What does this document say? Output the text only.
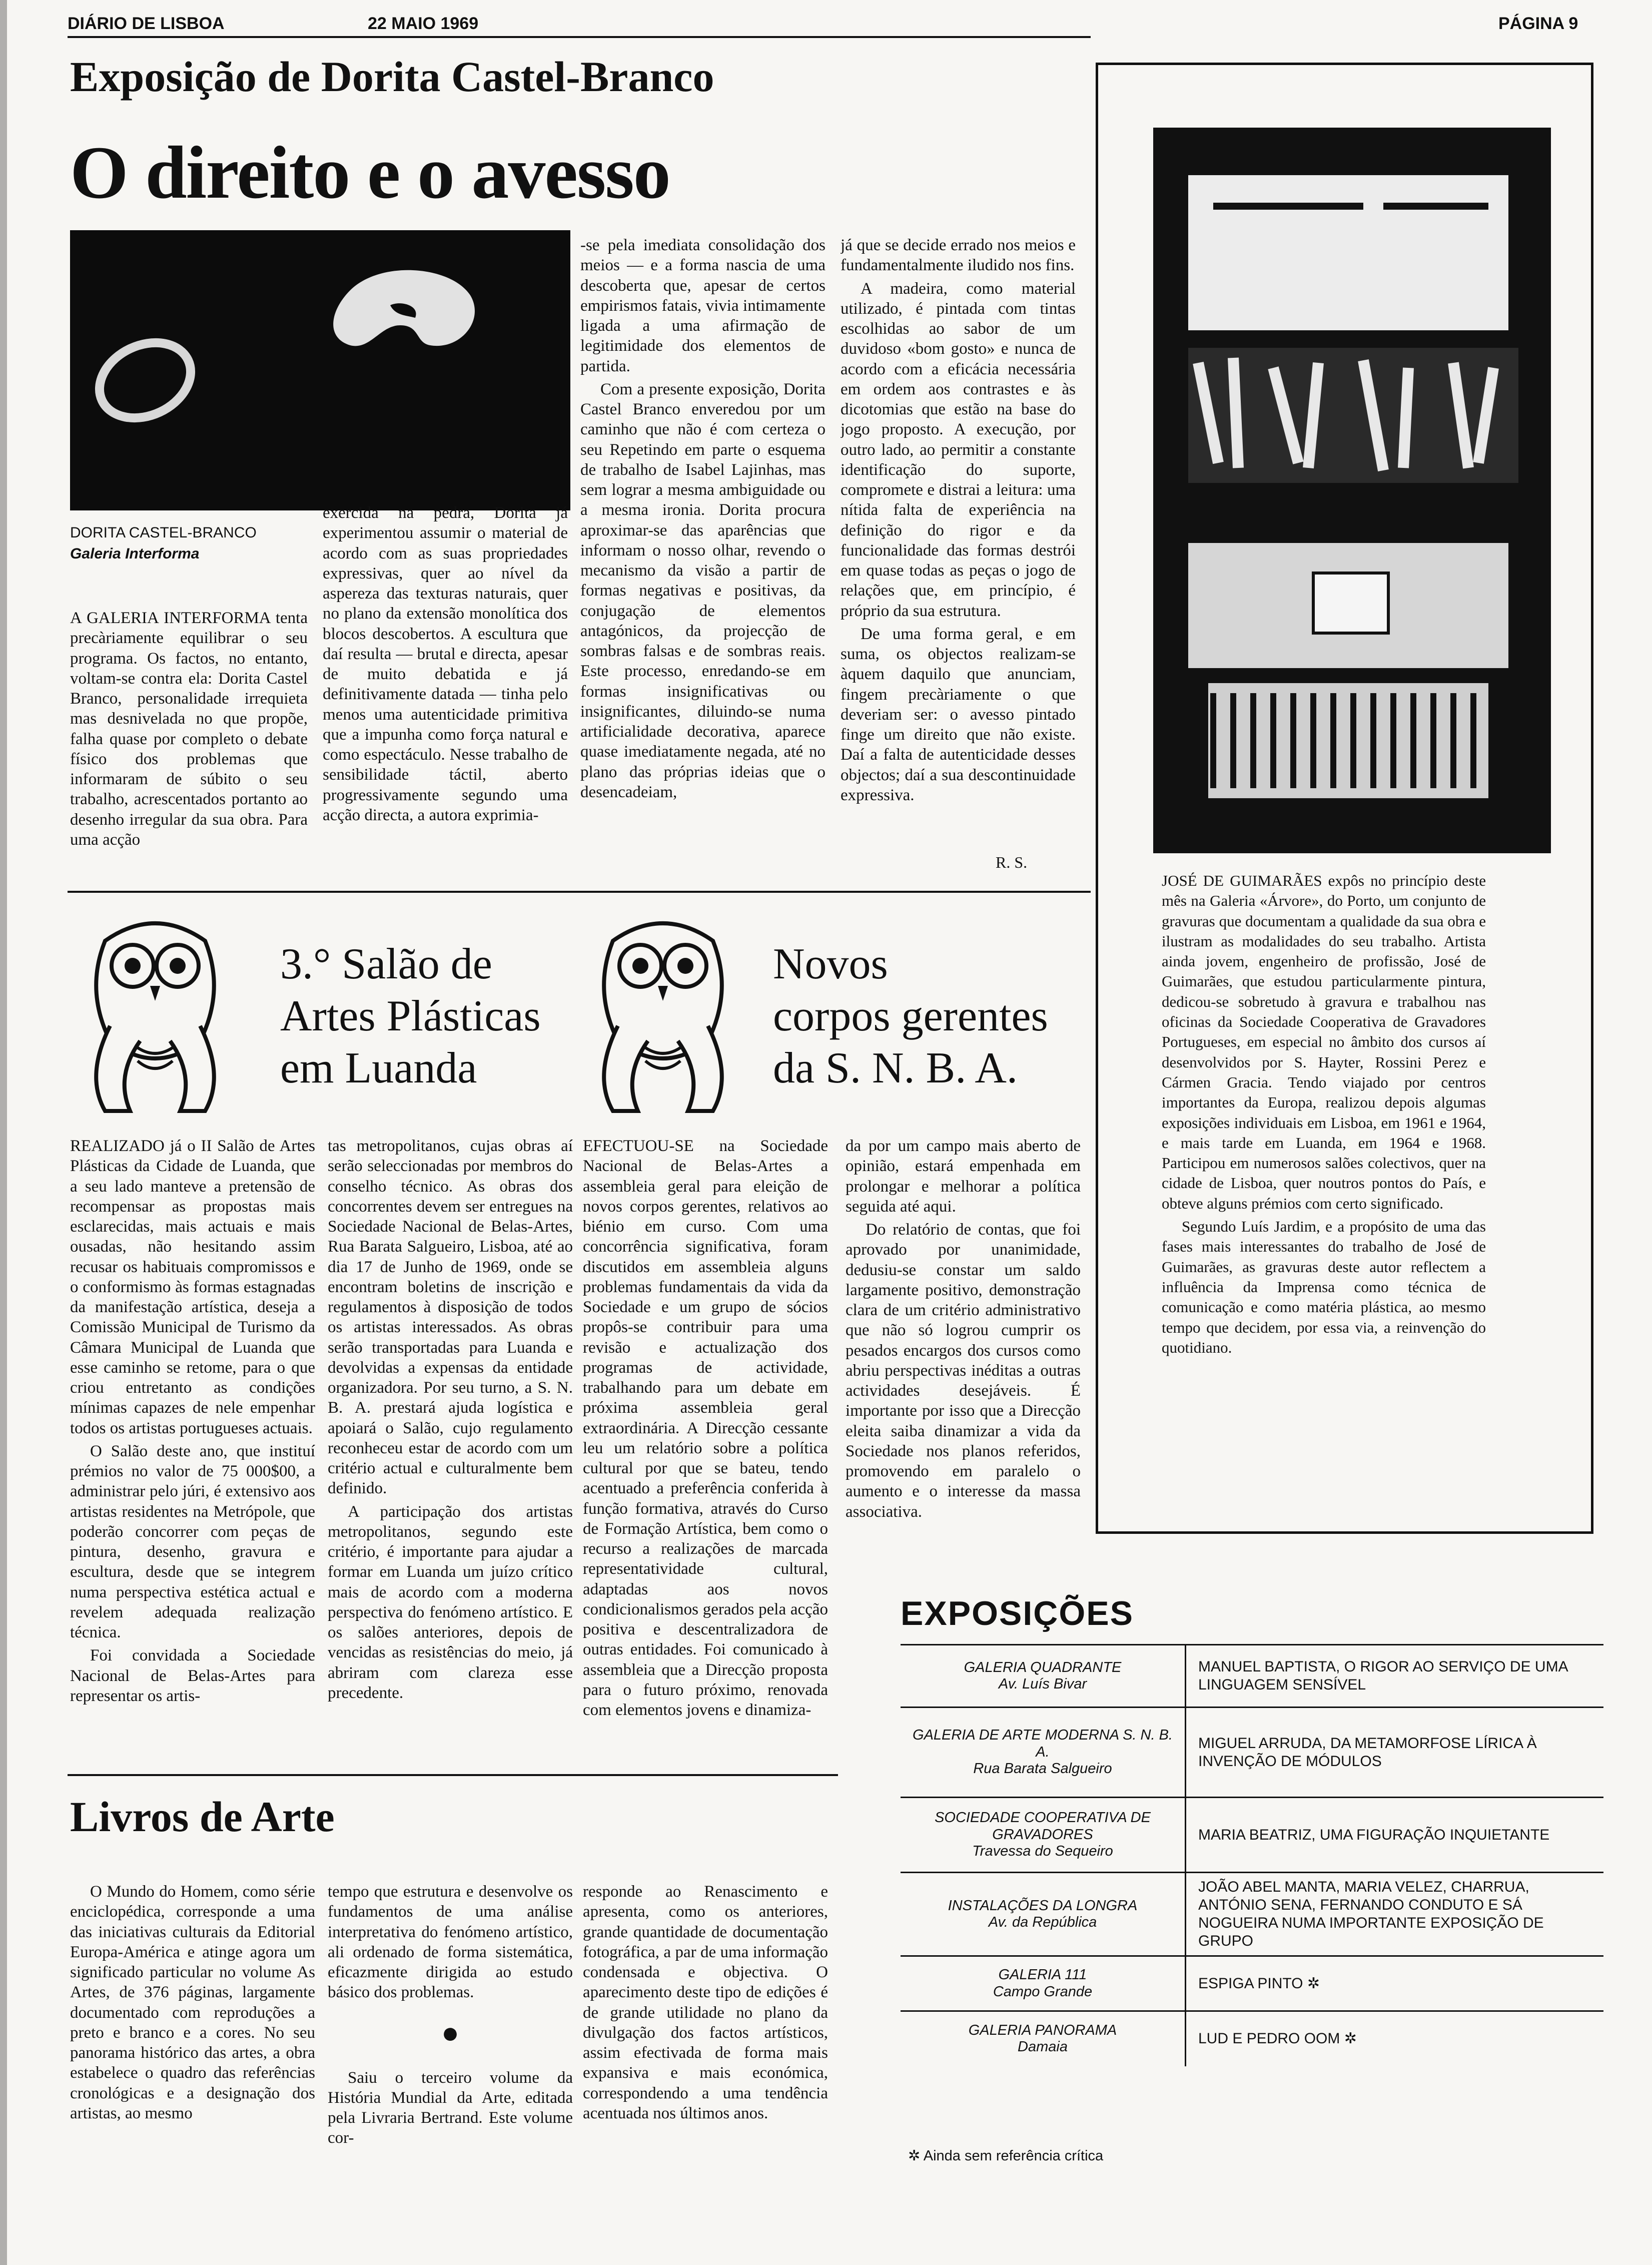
DIÁRIO DE LISBOA	22 MAIO 1969	PÁGINA 9
Exposição de Dorita Castel-Branco
O direito e o avesso
DORITA CASTEL-BRANCO
Galeria Interforma

A GALERIA INTERFORMA tenta precàriamente equilibrar o seu programa. Os factos, no entanto, voltam-se contra ela: Dorita Castel Branco, personalidade irrequieta mas desnivelada no que propõe, falha quase por completo o debate físico dos problemas que informaram de súbito o seu trabalho, acrescentados portanto ao desenho irregular da sua obra. Para uma acção

exercida na pedra, Dorita já experimentou assumir o material de acordo com as suas propriedades expressivas, quer ao nível da aspereza das texturas naturais, quer no plano da extensão monolítica dos blocos descobertos. A escultura que daí resulta — brutal e directa, apesar de muito debatida e já definitivamente datada — tinha pelo menos uma autenticidade primitiva que a impunha como força natural e como espectáculo. Nesse trabalho de sensibilidade táctil, aberto progressivamente segundo uma acção directa, a autora exprimia-

-se pela imediata consolidação dos meios — e a forma nascia de uma descoberta que, apesar de certos empirismos fatais, vivia intimamente ligada a uma afirmação de legitimidade dos elementos de partida.

Com a presente exposição, Dorita Castel Branco enveredou por um caminho que não é com certeza o seu Repetindo em parte o esquema de trabalho de Isabel Lajinhas, mas sem lograr a mesma ambiguidade ou a mesma ironia. Dorita procura aproximar-se das aparências que informam o nosso olhar, revendo o mecanismo da visão a partir de formas negativas e positivas, da conjugação de elementos antagónicos, da projecção de sombras falsas e de sombras reais. Este processo, enredando-se em formas insignificativas ou insignificantes, diluindo-se numa artificialidade decorativa, aparece quase imediatamente negada, até no plano das próprias ideias que o desencadeiam,

já que se decide errado nos meios e fundamentalmente iludido nos fins.

A madeira, como material utilizado, é pintada com tintas escolhidas ao sabor de um duvidoso «bom gosto» e nunca de acordo com a eficácia necessária em ordem aos contrastes e às dicotomias que estão na base do jogo proposto. A execução, por outro lado, ao permitir a constante identificação do suporte, compromete e distrai a leitura: uma nítida falta de experiência na definição do rigor e da funcionalidade das formas destrói em quase todas as peças o jogo de relações que, em princípio, é próprio da sua estrutura.

De uma forma geral, e em suma, os objectos realizam-se àquem daquilo que anunciam, fingem precàriamente o que deveriam ser: o avesso pintado finge um direito que não existe. Daí a falta de autenticidade desses objectos; daí a sua descontinuidade expressiva.

R. S.

JOSÉ DE GUIMARÃES expôs no princípio deste mês na Galeria «Árvore», do Porto, um conjunto de gravuras que documentam a qualidade da sua obra e ilustram as modalidades do seu trabalho. Artista ainda jovem, engenheiro de profissão, José de Guimarães, que estudou particularmente pintura, dedicou-se sobretudo à gravura e trabalhou nas oficinas da Sociedade Cooperativa de Gravadores Portugueses, em especial no âmbito dos cursos aí desenvolvidos por S. Hayter, Rossini Perez e Cármen Gracia. Tendo viajado por centros importantes da Europa, realizou depois algumas exposições individuais em Lisboa, em 1961 e 1964, e mais tarde em Luanda, em 1964 e 1968. Participou em numerosos salões colectivos, quer na cidade de Lisboa, quer noutros pontos do País, e obteve alguns prémios com certo significado.

Segundo Luís Jardim, e a propósito de uma das fases mais interessantes do trabalho de José de Guimarães, as gravuras deste autor reflectem a influência da Imprensa como técnica de comunicação e como matéria plástica, ao mesmo tempo que decidem, por essa via, a reinvenção do quotidiano.

3.° Salão de
Artes Plásticas
em Luanda

REALIZADO já o II Salão de Artes Plásticas da Cidade de Luanda, que a seu lado manteve a pretensão de recompensar as propostas mais esclarecidas, mais actuais e mais ousadas, não hesitando assim recusar os habituais compromissos e o conformismo às formas estagnadas da manifestação artística, deseja a Comissão Municipal de Turismo da Câmara Municipal de Luanda que esse caminho se retome, para o que criou entretanto as condições mínimas capazes de nele empenhar todos os artistas portugueses actuais.

O Salão deste ano, que instituí prémios no valor de 75 000$00, a administrar pelo júri, é extensivo aos artistas residentes na Metrópole, que poderão concorrer com peças de pintura, desenho, gravura e escultura, desde que se integrem numa perspectiva estética actual e revelem adequada realização técnica.

Foi convidada a Sociedade Nacional de Belas-Artes para representar os artis-

tas metropolitanos, cujas obras aí serão seleccionadas por membros do conselho técnico. As obras dos concorrentes devem ser entregues na Sociedade Nacional de Belas-Artes, Rua Barata Salgueiro, Lisboa, até ao dia 17 de Junho de 1969, onde se encontram boletins de inscrição e regulamentos à disposição de todos os artistas interessados. As obras serão transportadas para Luanda e devolvidas a expensas da entidade organizadora. Por seu turno, a S. N. B. A. prestará ajuda logística e apoiará o Salão, cujo regulamento reconheceu estar de acordo com um critério actual e culturalmente bem definido.

A participação dos artistas metropolitanos, segundo este critério, é importante para ajudar a formar em Luanda um juízo crítico mais de acordo com a moderna perspectiva do fenómeno artístico. E os salões anteriores, depois de vencidas as resistências do meio, já abriram com clareza esse precedente.

Novos
corpos gerentes
da S. N. B. A.

EFECTUOU-SE na Sociedade Nacional de Belas-Artes a assembleia geral para eleição de novos corpos gerentes, relativos ao biénio em curso. Com uma concorrência significativa, foram discutidos em assembleia alguns problemas fundamentais da vida da Sociedade e um grupo de sócios propôs-se contribuir para uma revisão e actualização dos programas de actividade, trabalhando para um debate em próxima assembleia geral extraordinária. A Direcção cessante leu um relatório sobre a política cultural por que se bateu, tendo acentuado a preferência conferida à função formativa, através do Curso de Formação Artística, bem como o recurso a realizações de marcada representatividade cultural, adaptadas aos novos condicionalismos gerados pela acção positiva e descentralizadora de outras entidades. Foi comunicado à assembleia que a Direcção proposta para o futuro próximo, renovada com elementos jovens e dinamiza-

da por um campo mais aberto de opinião, estará empenhada em prolongar e melhorar a política seguida até aqui.

Do relatório de contas, que foi aprovado por unanimidade, dedusiu-se constar um saldo largamente positivo, demonstração clara de um critério administrativo que não só logrou cumprir os pesados encargos dos cursos como abriu perspectivas inéditas a outras actividades desejáveis. É importante por isso que a Direcção eleita saiba dinamizar a vida da Sociedade nos planos referidos, promovendo em paralelo o aumento e o interesse da massa associativa.

Livros de Arte

O Mundo do Homem, como série enciclopédica, corresponde a uma das iniciativas culturais da Editorial Europa-América e atinge agora um significado particular no volume As Artes, de 376 páginas, largamente documentado com reproduções a preto e branco e a cores. No seu panorama histórico das artes, a obra estabelece o quadro das referências cronológicas e a designação dos artistas, ao mesmo

tempo que estrutura e desenvolve os fundamentos de uma análise interpretativa do fenómeno artístico, ali ordenado de forma sistemática, eficazmente dirigida ao estudo básico dos problemas.

●

Saiu o terceiro volume da História Mundial da Arte, editada pela Livraria Bertrand. Este volume cor-

responde ao Renascimento e apresenta, como os anteriores, grande quantidade de documentação fotográfica, a par de uma informação condensada e objectiva. O aparecimento deste tipo de edições é de grande utilidade no plano da divulgação dos factos artísticos, assim efectivada de forma mais expansiva e mais económica, correspondendo a uma tendência acentuada nos últimos anos.

EXPOSIÇÕES
GALERIA QUADRANTE
Av. Luís Bivar	MANUEL BAPTISTA, O RIGOR AO SERVIÇO DE UMA LINGUAGEM SENSÍVEL

GALERIA DE ARTE MODERNA S. N. B. A.
Rua Barata Salgueiro	MIGUEL ARRUDA, DA METAMORFOSE LÍRICA À INVENÇÃO DE MÓDULOS

SOCIEDADE COOPERATIVA DE GRAVADORES
Travessa do Sequeiro	MARIA BEATRIZ, UMA FIGURAÇÃO INQUIETANTE

INSTALAÇÕES DA LONGRA
Av. da República	JOÃO ABEL MANTA, MARIA VELEZ, CHARRUA, ANTÓNIO SENA, FERNANDO CONDUTO E SÁ NOGUEIRA NUMA IMPORTANTE EXPOSIÇÃO DE GRUPO

GALERIA 111
Campo Grande	ESPIGA PINTO ✲

GALERIA PANORAMA
Damaia	LUD E PEDRO OOM ✲
✲ Ainda sem referência crítica
